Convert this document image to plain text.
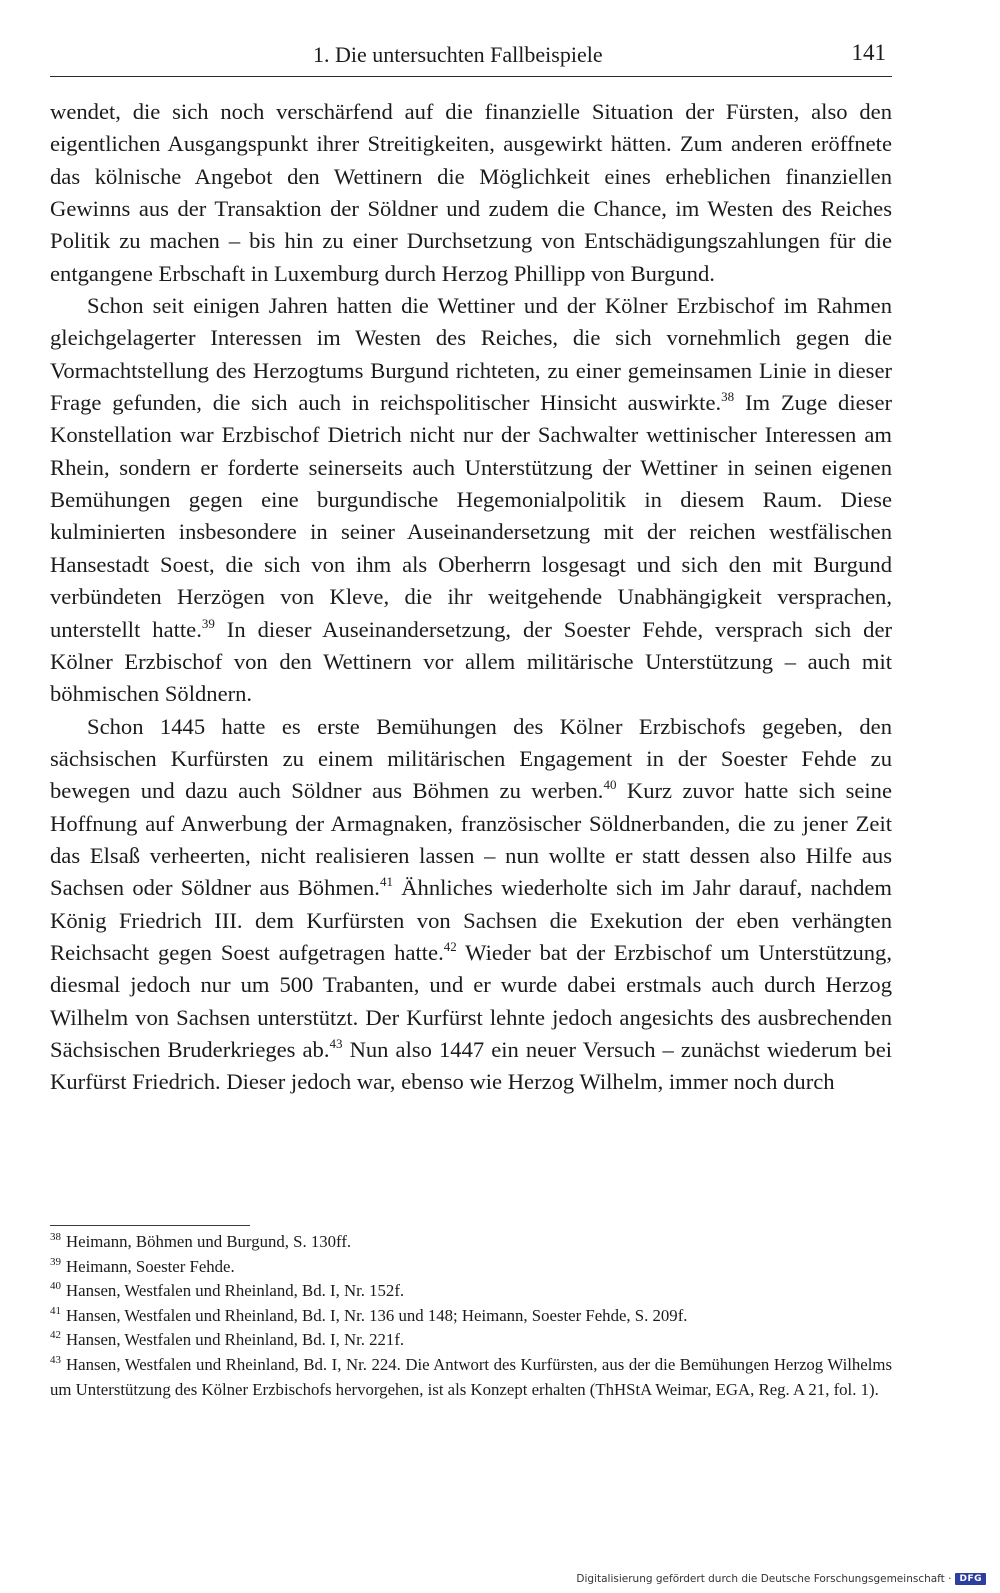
1. Die untersuchten Fallbeispiele	141

wendet, die sich noch verschärfend auf die finanzielle Situation der Fürsten, also den eigentlichen Ausgangspunkt ihrer Streitigkeiten, ausgewirkt hätten. Zum anderen eröffnete das kölnische Angebot den Wettinern die Möglichkeit eines erheblichen finanziellen Gewinns aus der Transaktion der Söldner und zudem die Chance, im Westen des Reiches Politik zu machen – bis hin zu einer Durchsetzung von Entschädigungszahlungen für die entgangene Erbschaft in Luxemburg durch Herzog Phillipp von Burgund.

Schon seit einigen Jahren hatten die Wettiner und der Kölner Erzbischof im Rahmen gleichgelagerter Interessen im Westen des Reiches, die sich vornehmlich gegen die Vormachtstellung des Herzogtums Burgund richteten, zu einer gemeinsamen Linie in dieser Frage gefunden, die sich auch in reichspolitischer Hinsicht auswirkte.$^{38}$ Im Zuge dieser Konstellation war Erzbischof Dietrich nicht nur der Sachwalter wettinischer Interessen am Rhein, sondern er forderte seinerseits auch Unterstützung der Wettiner in seinen eigenen Bemühungen gegen eine burgundische Hegemonialpolitik in diesem Raum. Diese kulminierten insbesondere in seiner Auseinandersetzung mit der reichen westfälischen Hansestadt Soest, die sich von ihm als Oberherrn losgesagt und sich den mit Burgund verbündeten Herzögen von Kleve, die ihr weitgehende Unabhängigkeit versprachen, unterstellt hatte.$^{39}$ In dieser Auseinandersetzung, der Soester Fehde, versprach sich der Kölner Erzbischof von den Wettinern vor allem militärische Unterstützung – auch mit böhmischen Söldnern.

Schon 1445 hatte es erste Bemühungen des Kölner Erzbischofs gegeben, den sächsischen Kurfürsten zu einem militärischen Engagement in der Soester Fehde zu bewegen und dazu auch Söldner aus Böhmen zu werben.$^{40}$ Kurz zuvor hatte sich seine Hoffnung auf Anwerbung der Armagnaken, französischer Söldnerbanden, die zu jener Zeit das Elsaß verheerten, nicht realisieren lassen – nun wollte er statt dessen also Hilfe aus Sachsen oder Söldner aus Böhmen.$^{41}$ Ähnliches wiederholte sich im Jahr darauf, nachdem König Friedrich III. dem Kurfürsten von Sachsen die Exekution der eben verhängten Reichsacht gegen Soest aufgetragen hatte.$^{42}$ Wieder bat der Erzbischof um Unterstützung, diesmal jedoch nur um 500 Trabanten, und er wurde dabei erstmals auch durch Herzog Wilhelm von Sachsen unterstützt. Der Kurfürst lehnte jedoch angesichts des ausbrechenden Sächsischen Bruderkrieges ab.$^{43}$ Nun also 1447 ein neuer Versuch – zunächst wiederum bei Kurfürst Friedrich. Dieser jedoch war, ebenso wie Herzog Wilhelm, immer noch durch

$^{38}$ Heimann, Böhmen und Burgund, S. 130ff.
$^{39}$ Heimann, Soester Fehde.
$^{40}$ Hansen, Westfalen und Rheinland, Bd. I, Nr. 152f.
$^{41}$ Hansen, Westfalen und Rheinland, Bd. I, Nr. 136 und 148; Heimann, Soester Fehde, S. 209f.
$^{42}$ Hansen, Westfalen und Rheinland, Bd. I, Nr. 221f.
$^{43}$ Hansen, Westfalen und Rheinland, Bd. I, Nr. 224. Die Antwort des Kurfürsten, aus der die Bemühungen Herzog Wilhelms um Unterstützung des Kölner Erzbischofs hervorgehen, ist als Konzept erhalten (ThHStA Weimar, EGA, Reg. A 21, fol. 1).
Digitalisierung gefördert durch die Deutsche Forschungsgemeinschaft · DFG
